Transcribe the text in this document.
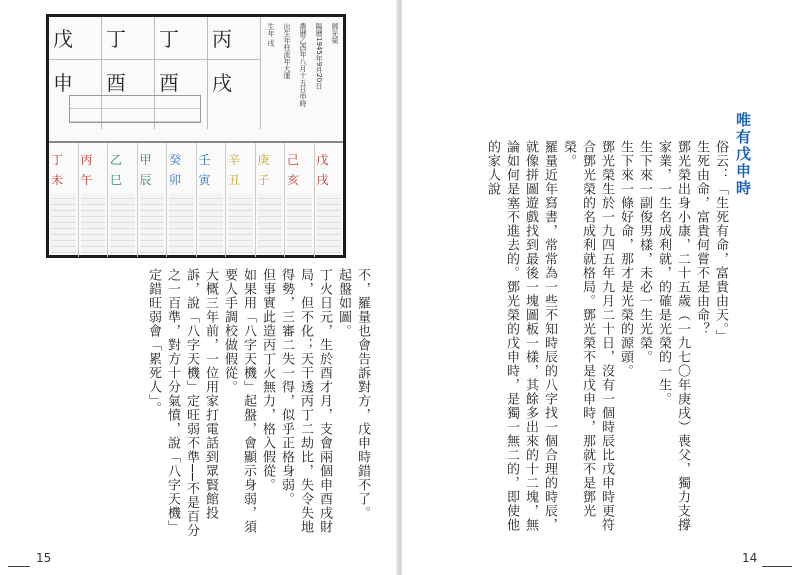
戊
申
丁
酉
丁
酉
丙
戌
鄧光榮
陽曆1945年9月20日
農曆乙酉年八月十五日申時
出生年柱流年大運
生年 戌
丁
未
丙
午
乙
巳
甲
辰
癸
卯
壬
寅
辛
丑
庚
子
己
亥
戊
戌

不，羅量也會告訴對方，戊申時錯不了。

起盤如圖。

丁火日元，生於酉才月，支會兩個申酉戌財局，但不化；天干透丙丁二劫比，失令失地得勢，三審二失一得，似乎正格身弱。

但事實此造丙丁火無力，格入假從。

如果用「八字天機」起盤，會顯示身弱，須要人手調校做假從。

大概三年前，一位用家打電話到眾賢館投訴，說「八字天機」定旺弱不準──不是百分之一百準，對方十分氣憤，說「八字天機」定錯旺弱會「累死人」。

15
唯有戊申時

俗云：「生死有命，富貴由天。」

生死由命，富貴何嘗不是由命？

鄧光榮出身小康，二十五歲（一九七〇年庚戌）喪父，獨力支撐家業，一生名成利就，的確是光榮的一生。

生下來一副俊男樣，未必一生光榮。

生下來一條好命，那才是光榮的源頭。

鄧光榮生於一九四五年九月二十日，沒有一個時辰比戊申時更符合鄧光榮的名成利就格局。鄧光榮不是戊申時，那就不是鄧光榮。

羅量近年寫書，常常為一些不知時辰的八字找一個合理的時辰，就像拼圖遊戲找到最後一塊圖板一樣，其餘多出來的十二塊，無論如何是塞不進去的。鄧光榮的戊申時，是獨一無二的，即使他的家人說

14
